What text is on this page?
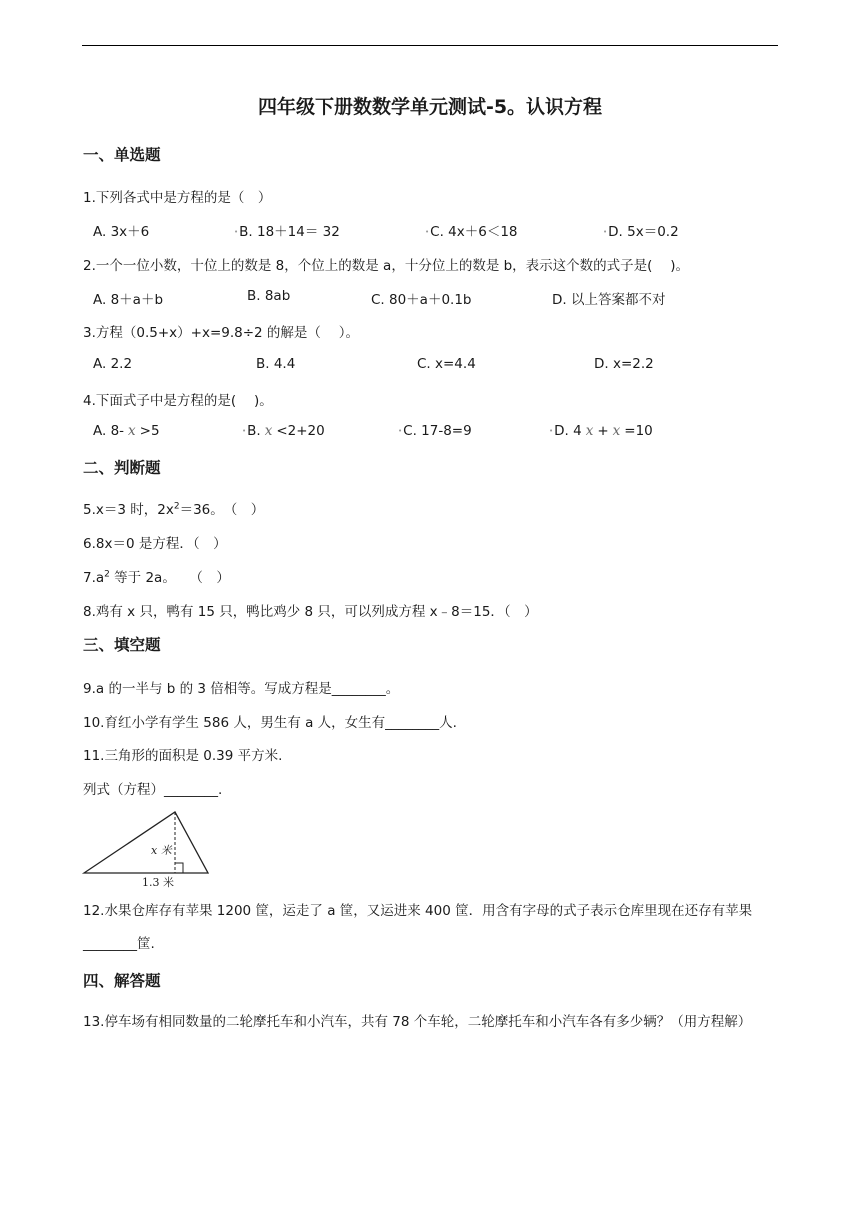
四年级下册数数学单元测试-5。认识方程
一、单选题
1.下列各式中是方程的是（　）
A. 3x＋6	•B. 18＋14＝ 32	•C. 4x＋6＜18	•D. 5x＝0.2
2.一个一位小数，十位上的数是 8，个位上的数是 a，十分位上的数是 b，表示这个数的式子是(　 )。
A. 8＋a＋b	B. 8ab	C. 80＋a＋0.1b	D. 以上答案都不对
3.方程（0.5+x）+x=9.8÷2 的解是（　 ）。
A. 2.2	B. 4.4	C. x=4.4	D. x=2.2
4.下面式子中是方程的是(　 )。
A. 8- x >5	•B. x <2+20	•C. 17-8=9	•D. 4 x + x =10
二、判断题
5.x＝3 时，$2x^2=36$。　（　）
6.8x＝0 是方程．（　）
$7.a^2$ 等于 2a。　　（　）
8.鸡有 x 只，鸭有 15 只，鸭比鸡少 8 只，可以列成方程 x﹣8＝15．（　）
三、填空题
9.a 的一半与 b 的 3 倍相等。写成方程是________。
10.育红小学有学生 586 人，男生有 a 人，女生有________人.
11.三角形的面积是 0.39 平方米.
列式（方程）________.
x 米
1.3 米
12.水果仓库存有苹果 1200 筐，运走了 a 筐，又运进来 400 筐．用含有字母的式子表示仓库里现在还存有苹果________筐.
四、解答题
13.停车场有相同数量的二轮摩托车和小汽车，共有 78 个车轮，二轮摩托车和小汽车各有多少辆？（用方程解）
